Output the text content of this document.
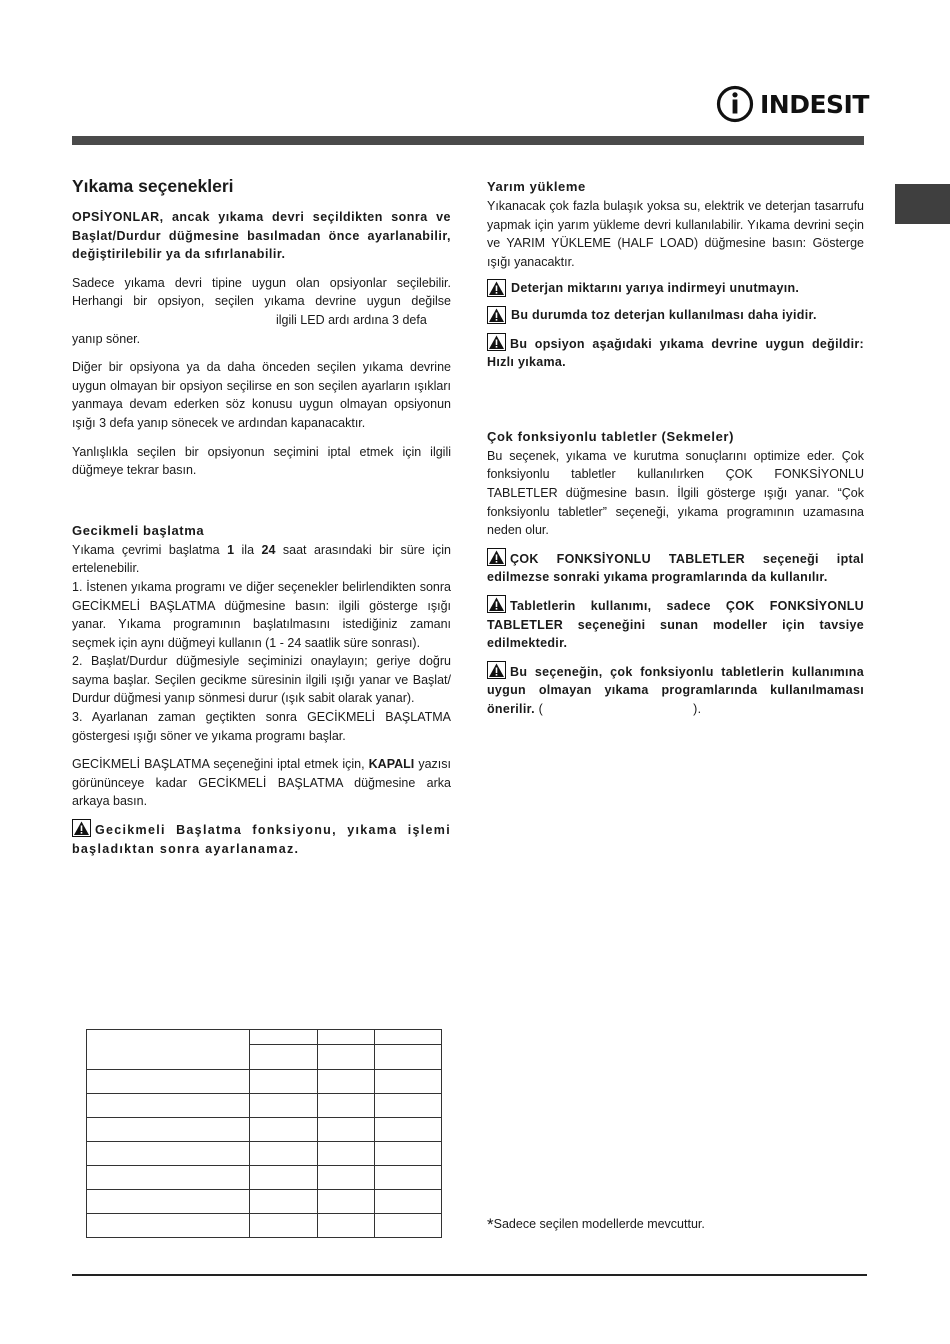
INDESIT
Yıkama seçenekleri

OPSİYONLAR, ancak yıkama devri seçildikten sonra ve Başlat/Durdur düğmesine basılmadan önce ayarlanabilir, değiştirilebilir ya da sıfırlanabilir.

Sadece yıkama devri tipine uygun olan opsiyonlar seçilebilir. Herhangi bir opsiyon, seçilen yıkama devrine uygun değilse ilgili LED ardı ardına 3 defa

yanıp söner.

Diğer bir opsiyona ya da daha önceden seçilen yıkama devrine uygun olmayan bir opsiyon seçilirse en son seçilen ayarların ışıkları yanmaya devam ederken söz konusu uygun olmayan opsiyonun ışığı 3 defa yanıp sönecek ve ardından kapanacaktır.

Yanlışlıkla seçilen bir opsiyonun seçimini iptal etmek için ilgili düğmeye tekrar basın.

Gecikmeli başlatma

Yıkama çevrimi başlatma 1 ila 24 saat arasındaki bir süre için ertelenebilir.

1. İstenen yıkama programı ve diğer seçenekler belirlendikten sonra GECİKMELİ BAŞLATMA düğmesine basın: ilgili gösterge ışığı yanar. Yıkama programının başlatılmasını istediğiniz zamanı seçmek için aynı düğmeyi kullanın (1 - 24 saatlik süre sonrası).

2. Başlat/Durdur düğmesiyle seçiminizi onaylayın; geriye doğru sayma başlar. Seçilen gecikme süresinin ilgili ışığı yanar ve Başlat/ Durdur düğmesi yanıp sönmesi durur (ışık sabit olarak yanar).

3. Ayarlanan zaman geçtikten sonra GECİKMELİ BAŞLATMA göstergesi ışığı söner ve yıkama programı başlar.

GECİKMELİ BAŞLATMA seçeneğini iptal etmek için, KAPALI yazısı görününceye kadar GECİKMELİ BAŞLATMA düğmesine arka arkaya basın.

Gecikmeli Başlatma fonksiyonu, yıkama işlemi başladıktan sonra ayarlanamaz.

Yarım yükleme

Yıkanacak çok fazla bulaşık yoksa su, elektrik ve deterjan tasarrufu yapmak için yarım yükleme devri kullanılabilir. Yıkama devrini seçin ve YARIM YÜKLEME (HALF LOAD) düğmesine basın: Gösterge ışığı yanacaktır.

Deterjan miktarını yarıya indirmeyi unutmayın.
Bu durumda toz deterjan kullanılması daha iyidir.

Bu opsiyon aşağıdaki yıkama devrine uygun değildir: Hızlı yıkama.

Çok fonksiyonlu tabletler (Sekmeler)

Bu seçenek, yıkama ve kurutma sonuçlarını optimize eder. Çok fonksiyonlu tabletler kullanılırken ÇOK FONKSİYONLU TABLETLER düğmesine basın. İlgili gösterge ışığı yanar. “Çok fonksiyonlu tabletler” seçeneği, yıkama programının uzamasına neden olur.

ÇOK FONKSİYONLU TABLETLER seçeneği iptal edilmezse sonraki yıkama programlarında da kullanılır.

Tabletlerin kullanımı, sadece ÇOK FONKSİYONLU TABLETLER seçeneğini sunan modeller için tavsiye edilmektedir.

Bu seçeneğin, çok fonksiyonlu tabletlerin kullanımına uygun olmayan yıkama programlarında kullanılmaması önerilir. (	).

*Sadece seçilen modellerde mevcuttur.
